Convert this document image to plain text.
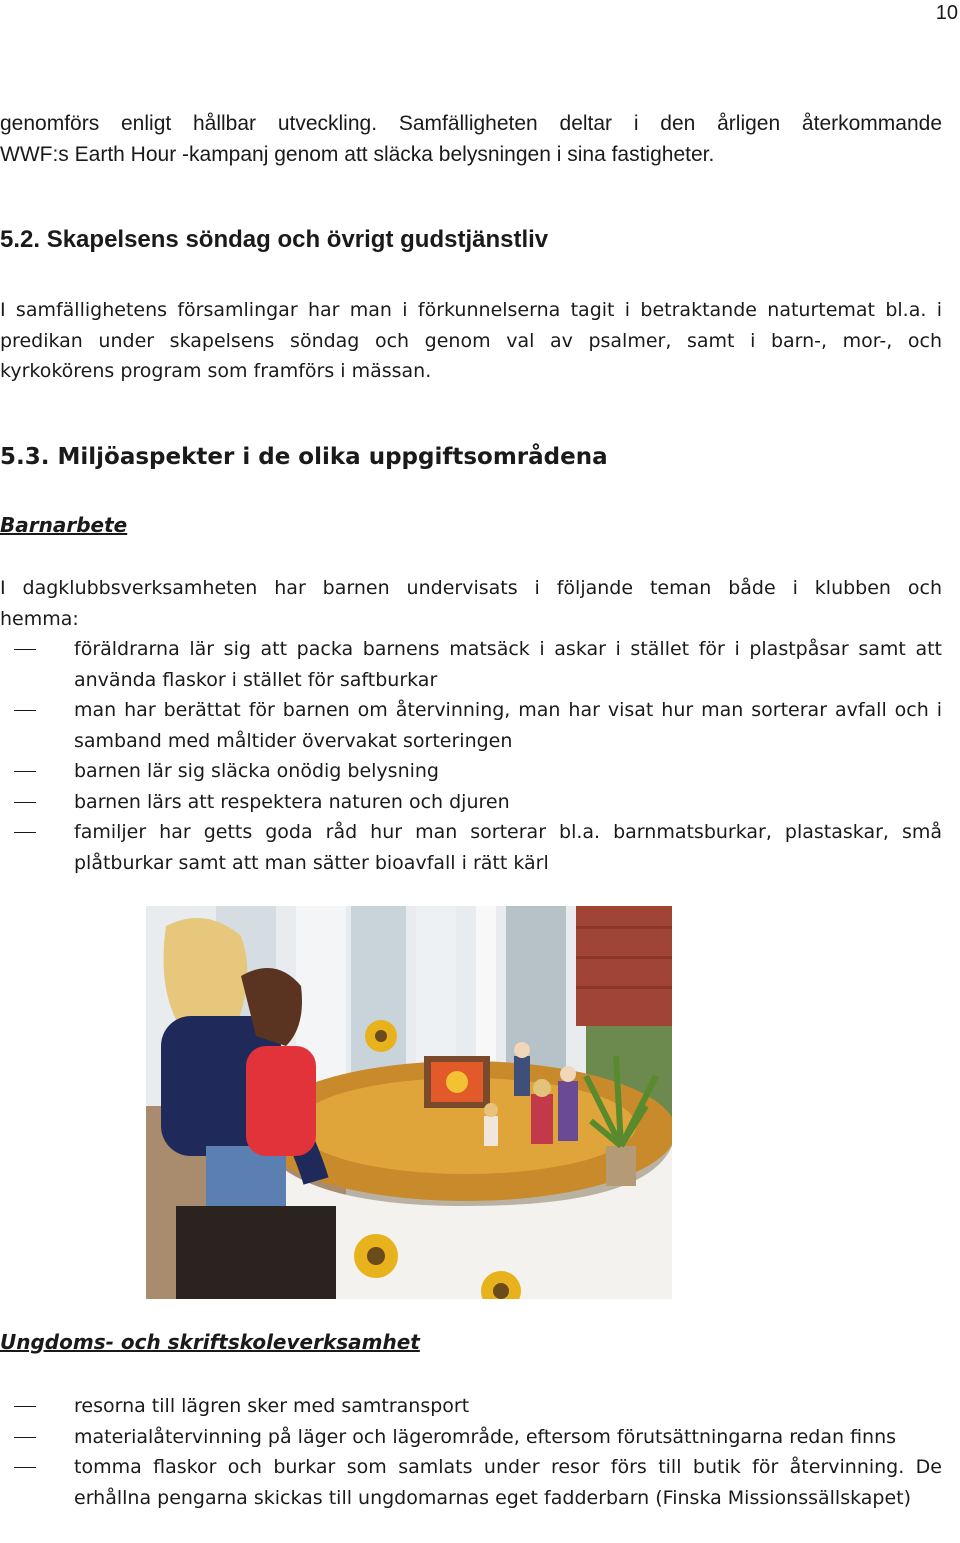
10
genomförs enligt hållbar utveckling. Samfälligheten deltar i den årligen återkommande
WWF:s Earth Hour -kampanj genom att släcka belysningen i sina fastigheter.
5.2. Skapelsens söndag och övrigt gudstjänstliv
I samfällighetens församlingar har man i förkunnelserna tagit i betraktande naturtemat bl.a. i
predikan under skapelsens söndag och genom val av psalmer, samt i barn-, mor-, och
kyrkokörens program som framförs i mässan.
5.3. Miljöaspekter i de olika uppgiftsområdena
Barnarbete
I dagklubbsverksamheten har barnen undervisats i följande teman både i klubben och
hemma:
föräldrarna lär sig att packa barnens matsäck i askar i stället för i plastpåsar samt att använda flaskor i stället för saftburkar
man har berättat för barnen om återvinning, man har visat hur man sorterar avfall och i samband med måltider övervakat sorteringen
barnen lär sig släcka onödig belysning
barnen lärs att respektera naturen och djuren
familjer har getts goda råd hur man sorterar bl.a. barnmatsburkar, plastaskar, små plåtburkar samt att man sätter bioavfall i rätt kärl
Ungdoms- och skriftskoleverksamhet
resorna till lägren sker med samtransport
materialåtervinning på läger och lägerområde, eftersom förutsättningarna redan finns
tomma flaskor och burkar som samlats under resor förs till butik för återvinning. De erhållna pengarna skickas till ungdomarnas eget fadderbarn (Finska Missionssällskapet)
